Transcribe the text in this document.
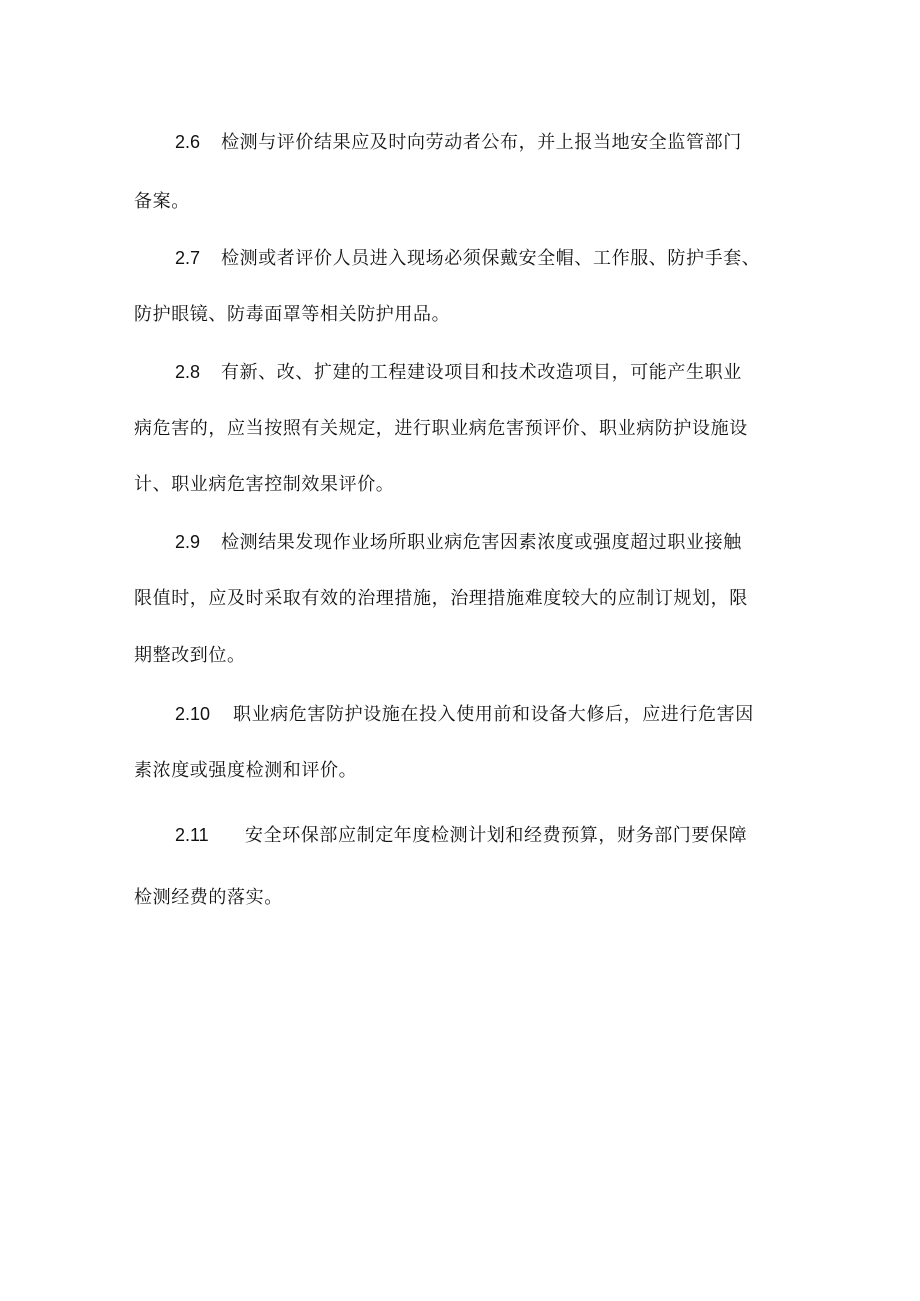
2.6 检测与评价结果应及时向劳动者公布，并上报当地安全监管部门
备案。
2.7 检测或者评价人员进入现场必须保戴安全帽、工作服、防护手套、
防护眼镜、防毒面罩等相关防护用品。
2.8 有新、改、扩建的工程建设项目和技术改造项目，可能产生职业
病危害的，应当按照有关规定，进行职业病危害预评价、职业病防护设施设
计、职业病危害控制效果评价。
2.9 检测结果发现作业场所职业病危害因素浓度或强度超过职业接触
限值时，应及时采取有效的治理措施，治理措施难度较大的应制订规划，限
期整改到位。
2.10 职业病危害防护设施在投入使用前和设备大修后，应进行危害因
素浓度或强度检测和评价。
2.11 安全环保部应制定年度检测计划和经费预算，财务部门要保障
检测经费的落实。
